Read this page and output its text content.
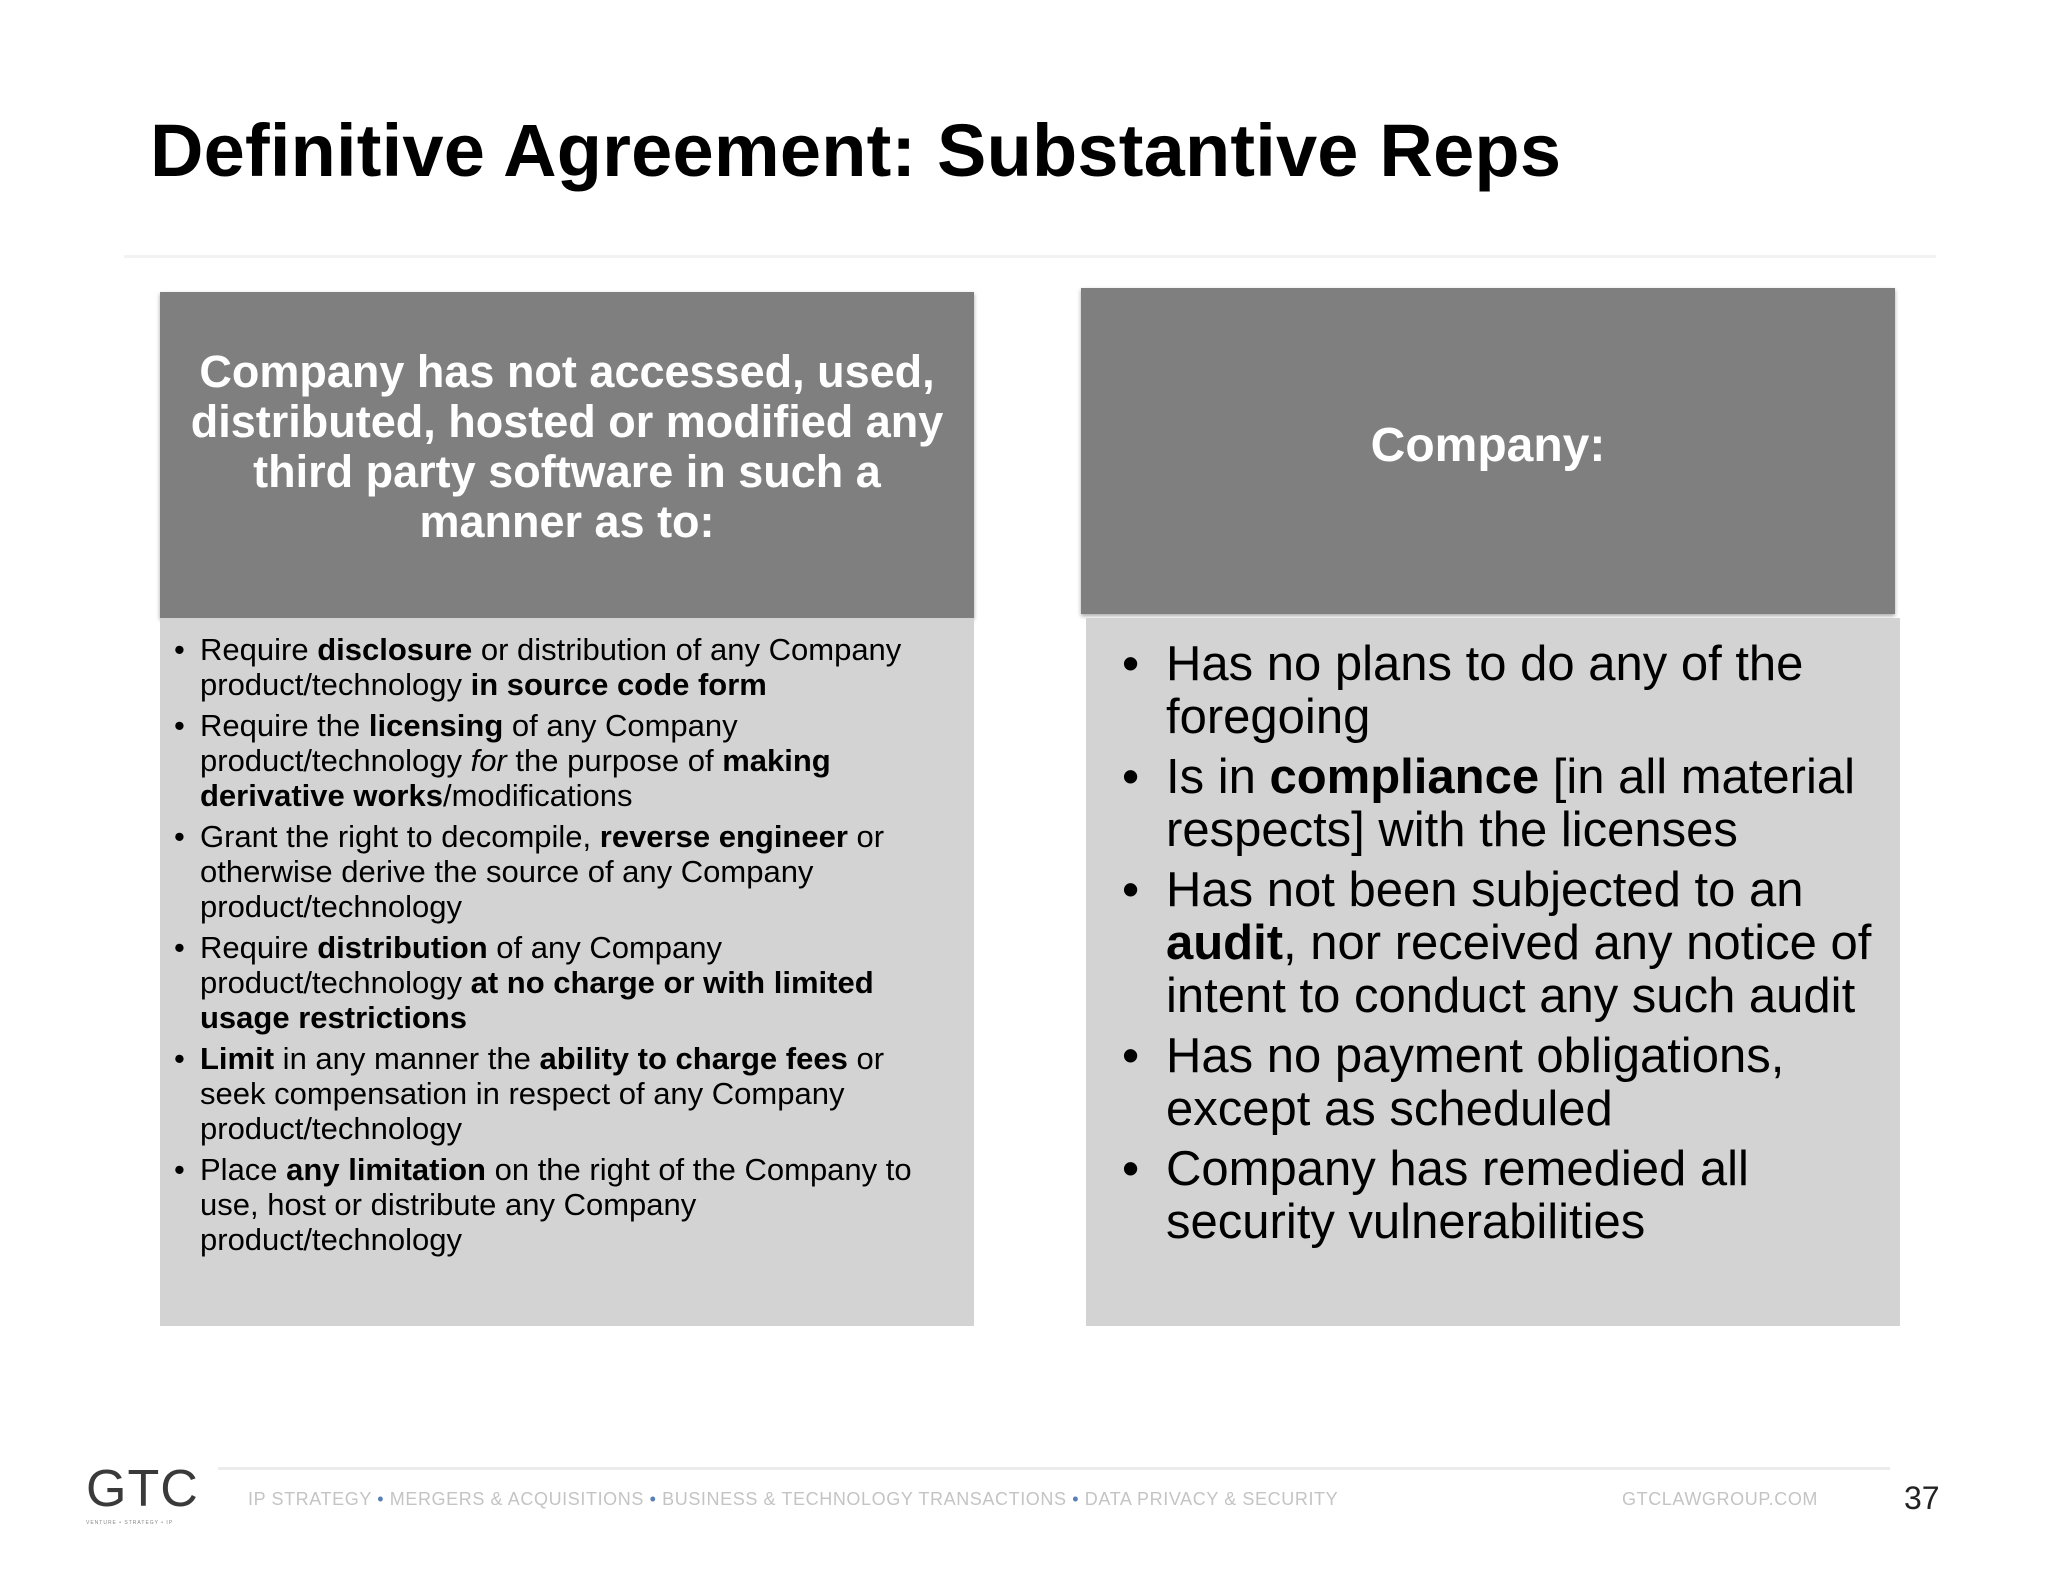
Definitive Agreement: Substantive Reps
Company has not accessed, used, distributed, hosted or modified any third party software in such a manner as to:
• Require disclosure or distribution of any Company product/technology in source code form
• Require the licensing of any Company product/technology for the purpose of making derivative works/modifications
• Grant the right to decompile, reverse engineer or otherwise derive the source of any Company product/technology
• Require distribution of any Company product/technology at no charge or with limited usage restrictions
• Limit in any manner the ability to charge fees or seek compensation in respect of any Company product/technology
• Place any limitation on the right of the Company to use, host or distribute any Company product/technology
Company:
• Has no plans to do any of the foregoing
• Is in compliance [in all material respects] with the licenses
• Has not been subjected to an audit, nor received any notice of intent to conduct any such audit
• Has no payment obligations, except as scheduled
• Company has remedied all security vulnerabilities
GTC
VENTURE • STRATEGY • IP
IP STRATEGY • MERGERS & ACQUISITIONS • BUSINESS & TECHNOLOGY TRANSACTIONS • DATA PRIVACY & SECURITY	GTCLAWGROUP.COM	37
